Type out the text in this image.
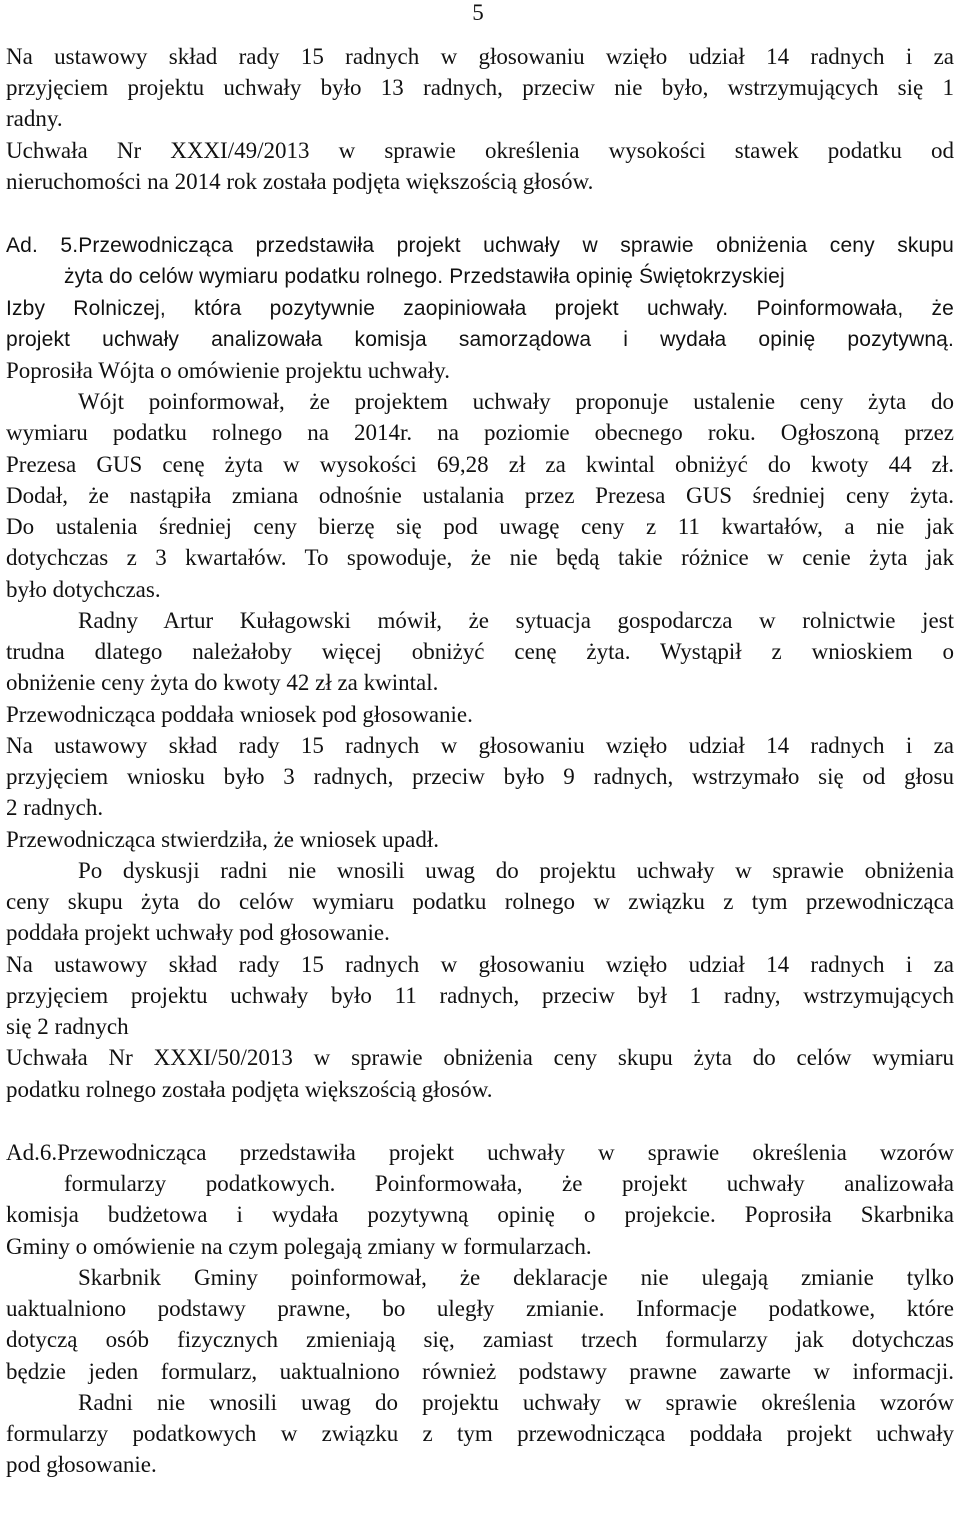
5
Na ustawowy skład rady 15 radnych w głosowaniu wzięło udział 14 radnych i za
przyjęciem projektu uchwały było 13 radnych, przeciw nie było, wstrzymujących się 1
radny.
Uchwała Nr XXXI/49/2013 w sprawie określenia wysokości stawek podatku od
nieruchomości na 2014 rok została podjęta większością głosów.
Ad. 5.Przewodnicząca przedstawiła projekt uchwały w sprawie obniżenia ceny skupu
żyta do celów wymiaru podatku rolnego. Przedstawiła opinię Świętokrzyskiej
Izby Rolniczej, która pozytywnie zaopiniowała projekt uchwały. Poinformowała, że
projekt uchwały analizowała komisja samorządowa i wydała opinię pozytywną.
Poprosiła Wójta o omówienie projektu uchwały.
Wójt poinformował, że projektem uchwały proponuje ustalenie ceny żyta do
wymiaru podatku rolnego na 2014r. na poziomie obecnego roku. Ogłoszoną przez
Prezesa GUS cenę żyta w wysokości 69,28 zł za kwintal obniżyć do kwoty 44 zł.
Dodał, że nastąpiła zmiana odnośnie ustalania przez Prezesa GUS średniej ceny żyta.
Do ustalenia średniej ceny bierzę się pod uwagę ceny z 11 kwartałów, a nie jak
dotychczas z 3 kwartałów. To spowoduje, że nie będą takie różnice w cenie żyta jak
było dotychczas.
Radny Artur Kułagowski mówił, że sytuacja gospodarcza w rolnictwie jest
trudna dlatego należałoby więcej obniżyć cenę żyta. Wystąpił z wnioskiem o
obniżenie ceny żyta do kwoty 42 zł za kwintal.
Przewodnicząca poddała wniosek pod głosowanie.
Na ustawowy skład rady 15 radnych w głosowaniu wzięło udział 14 radnych i za
przyjęciem wniosku było 3 radnych, przeciw było 9 radnych, wstrzymało się od głosu
2 radnych.
Przewodnicząca stwierdziła, że wniosek upadł.
Po dyskusji radni nie wnosili uwag do projektu uchwały w sprawie obniżenia
ceny skupu żyta do celów wymiaru podatku rolnego w związku z tym przewodnicząca
poddała projekt uchwały pod głosowanie.
Na ustawowy skład rady 15 radnych w głosowaniu wzięło udział 14 radnych i za
przyjęciem projektu uchwały było 11 radnych, przeciw był 1 radny, wstrzymujących
się 2 radnych
Uchwała Nr XXXI/50/2013 w sprawie obniżenia ceny skupu żyta do celów wymiaru
podatku rolnego została podjęta większością głosów.
Ad.6.Przewodnicząca przedstawiła projekt uchwały w sprawie określenia wzorów
formularzy podatkowych. Poinformowała, że projekt uchwały analizowała
komisja budżetowa i wydała pozytywną opinię o projekcie. Poprosiła Skarbnika
Gminy o omówienie na czym polegają zmiany w formularzach.
Skarbnik Gminy poinformował, że deklaracje nie ulegają zmianie tylko
uaktualniono podstawy prawne, bo uległy zmianie. Informacje podatkowe, które
dotyczą osób fizycznych zmieniają się, zamiast trzech formularzy jak dotychczas
będzie jeden formularz, uaktualniono również podstawy prawne zawarte w informacji.
Radni nie wnosili uwag do projektu uchwały w sprawie określenia wzorów
formularzy podatkowych w związku z tym przewodnicząca poddała projekt uchwały
pod głosowanie.
